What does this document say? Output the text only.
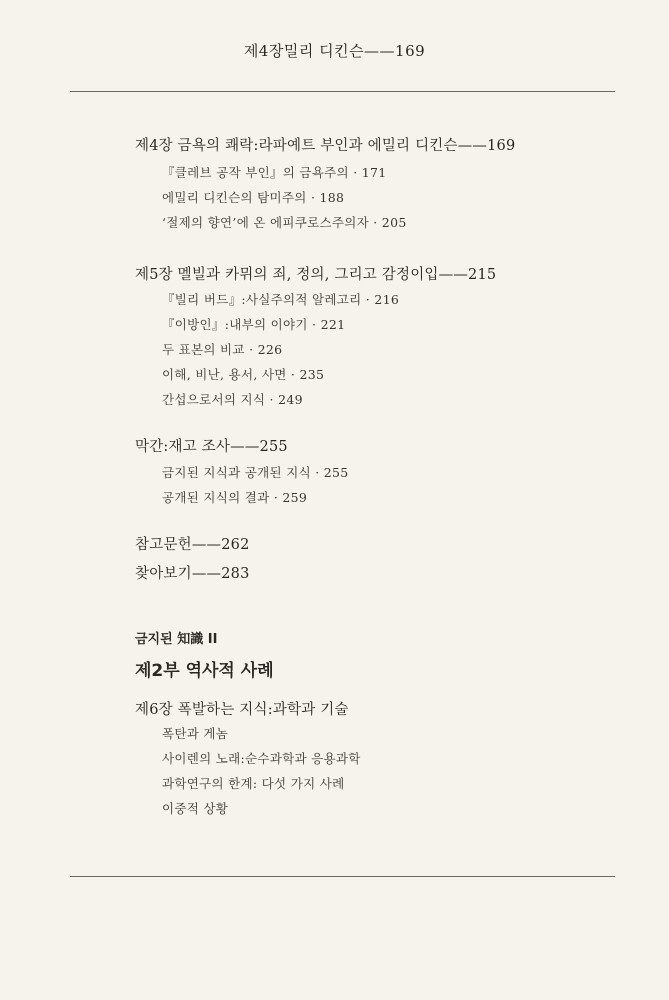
제4장밀리 디킨슨——169
제4장 금욕의 쾌락:라파예트 부인과 에밀리 디킨슨——169
『클레브 공작 부인』의 금욕주의 · 171
에밀리 디킨슨의 탐미주의 · 188
‘절제의 향연’에 온 에피쿠로스주의자 · 205
제5장 멜빌과 카뮈의 죄, 정의, 그리고 감정이입——215
『빌리 버드』:사실주의적 알레고리 · 216
『이방인』:내부의 이야기 · 221
두 표본의 비교 · 226
이해, 비난, 용서, 사면 · 235
간섭으로서의 지식 · 249
막간:재고 조사——255
금지된 지식과 공개된 지식 · 255
공개된 지식의 결과 · 259
참고문헌——262
찾아보기——283
금지된 知識 II
제2부 역사적 사례
제6장 폭발하는 지식:과학과 기술
폭탄과 게놈
사이렌의 노래:순수과학과 응용과학
과학연구의 한계: 다섯 가지 사례
이중적 상황
